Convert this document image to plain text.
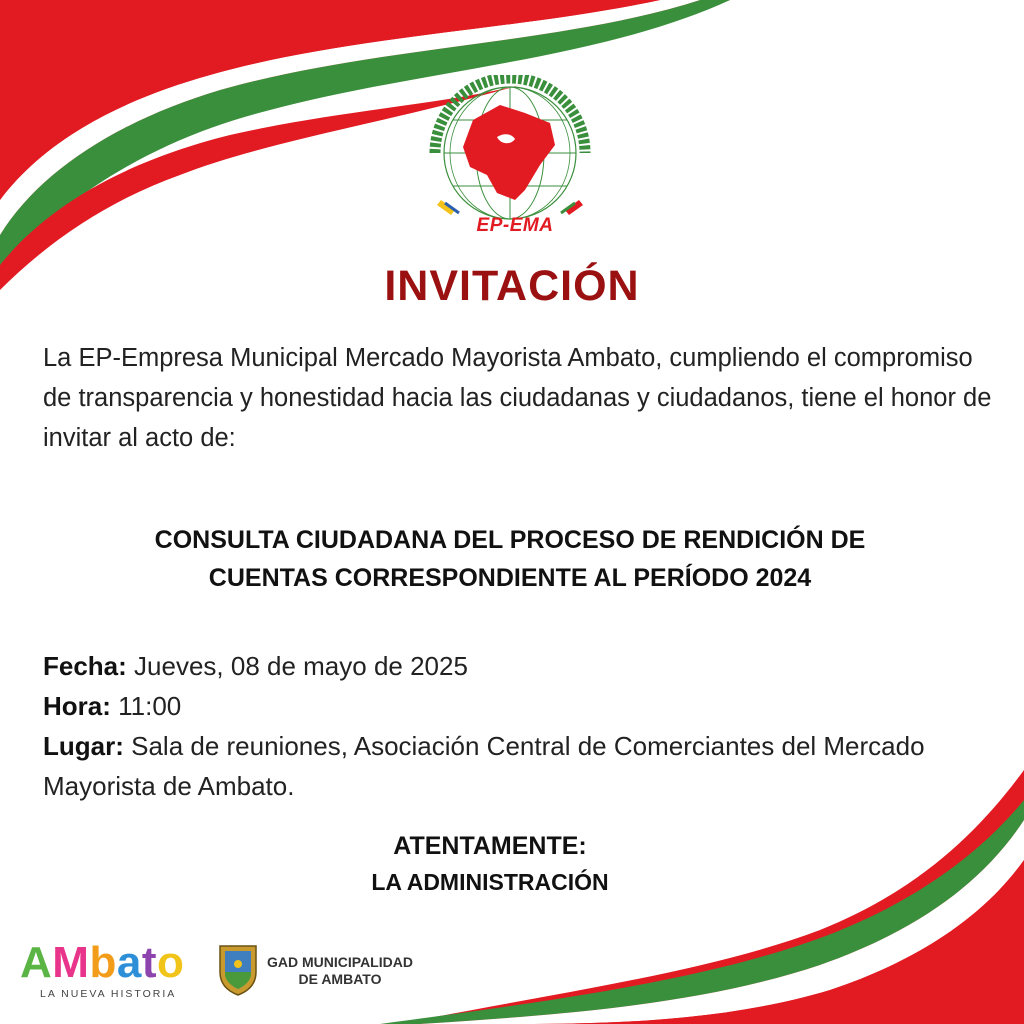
EP-EMA
INVITACIÓN
La EP-Empresa Municipal Mercado Mayorista Ambato, cumpliendo el compromiso de transparencia y honestidad hacia las ciudadanas y ciudadanos, tiene el honor de invitar al acto de:
CONSULTA CIUDADANA DEL PROCESO DE RENDICIÓN DE
CUENTAS CORRESPONDIENTE AL PERÍODO 2024
Fecha: Jueves, 08 de mayo de 2025
Hora: 11:00
Lugar: Sala de reuniones, Asociación Central de Comerciantes del Mercado Mayorista de Ambato.
ATENTAMENTE:
LA ADMINISTRACIÓN
AMbato
LA NUEVA HISTORIA
GAD MUNICIPALIDAD
DE AMBATO
